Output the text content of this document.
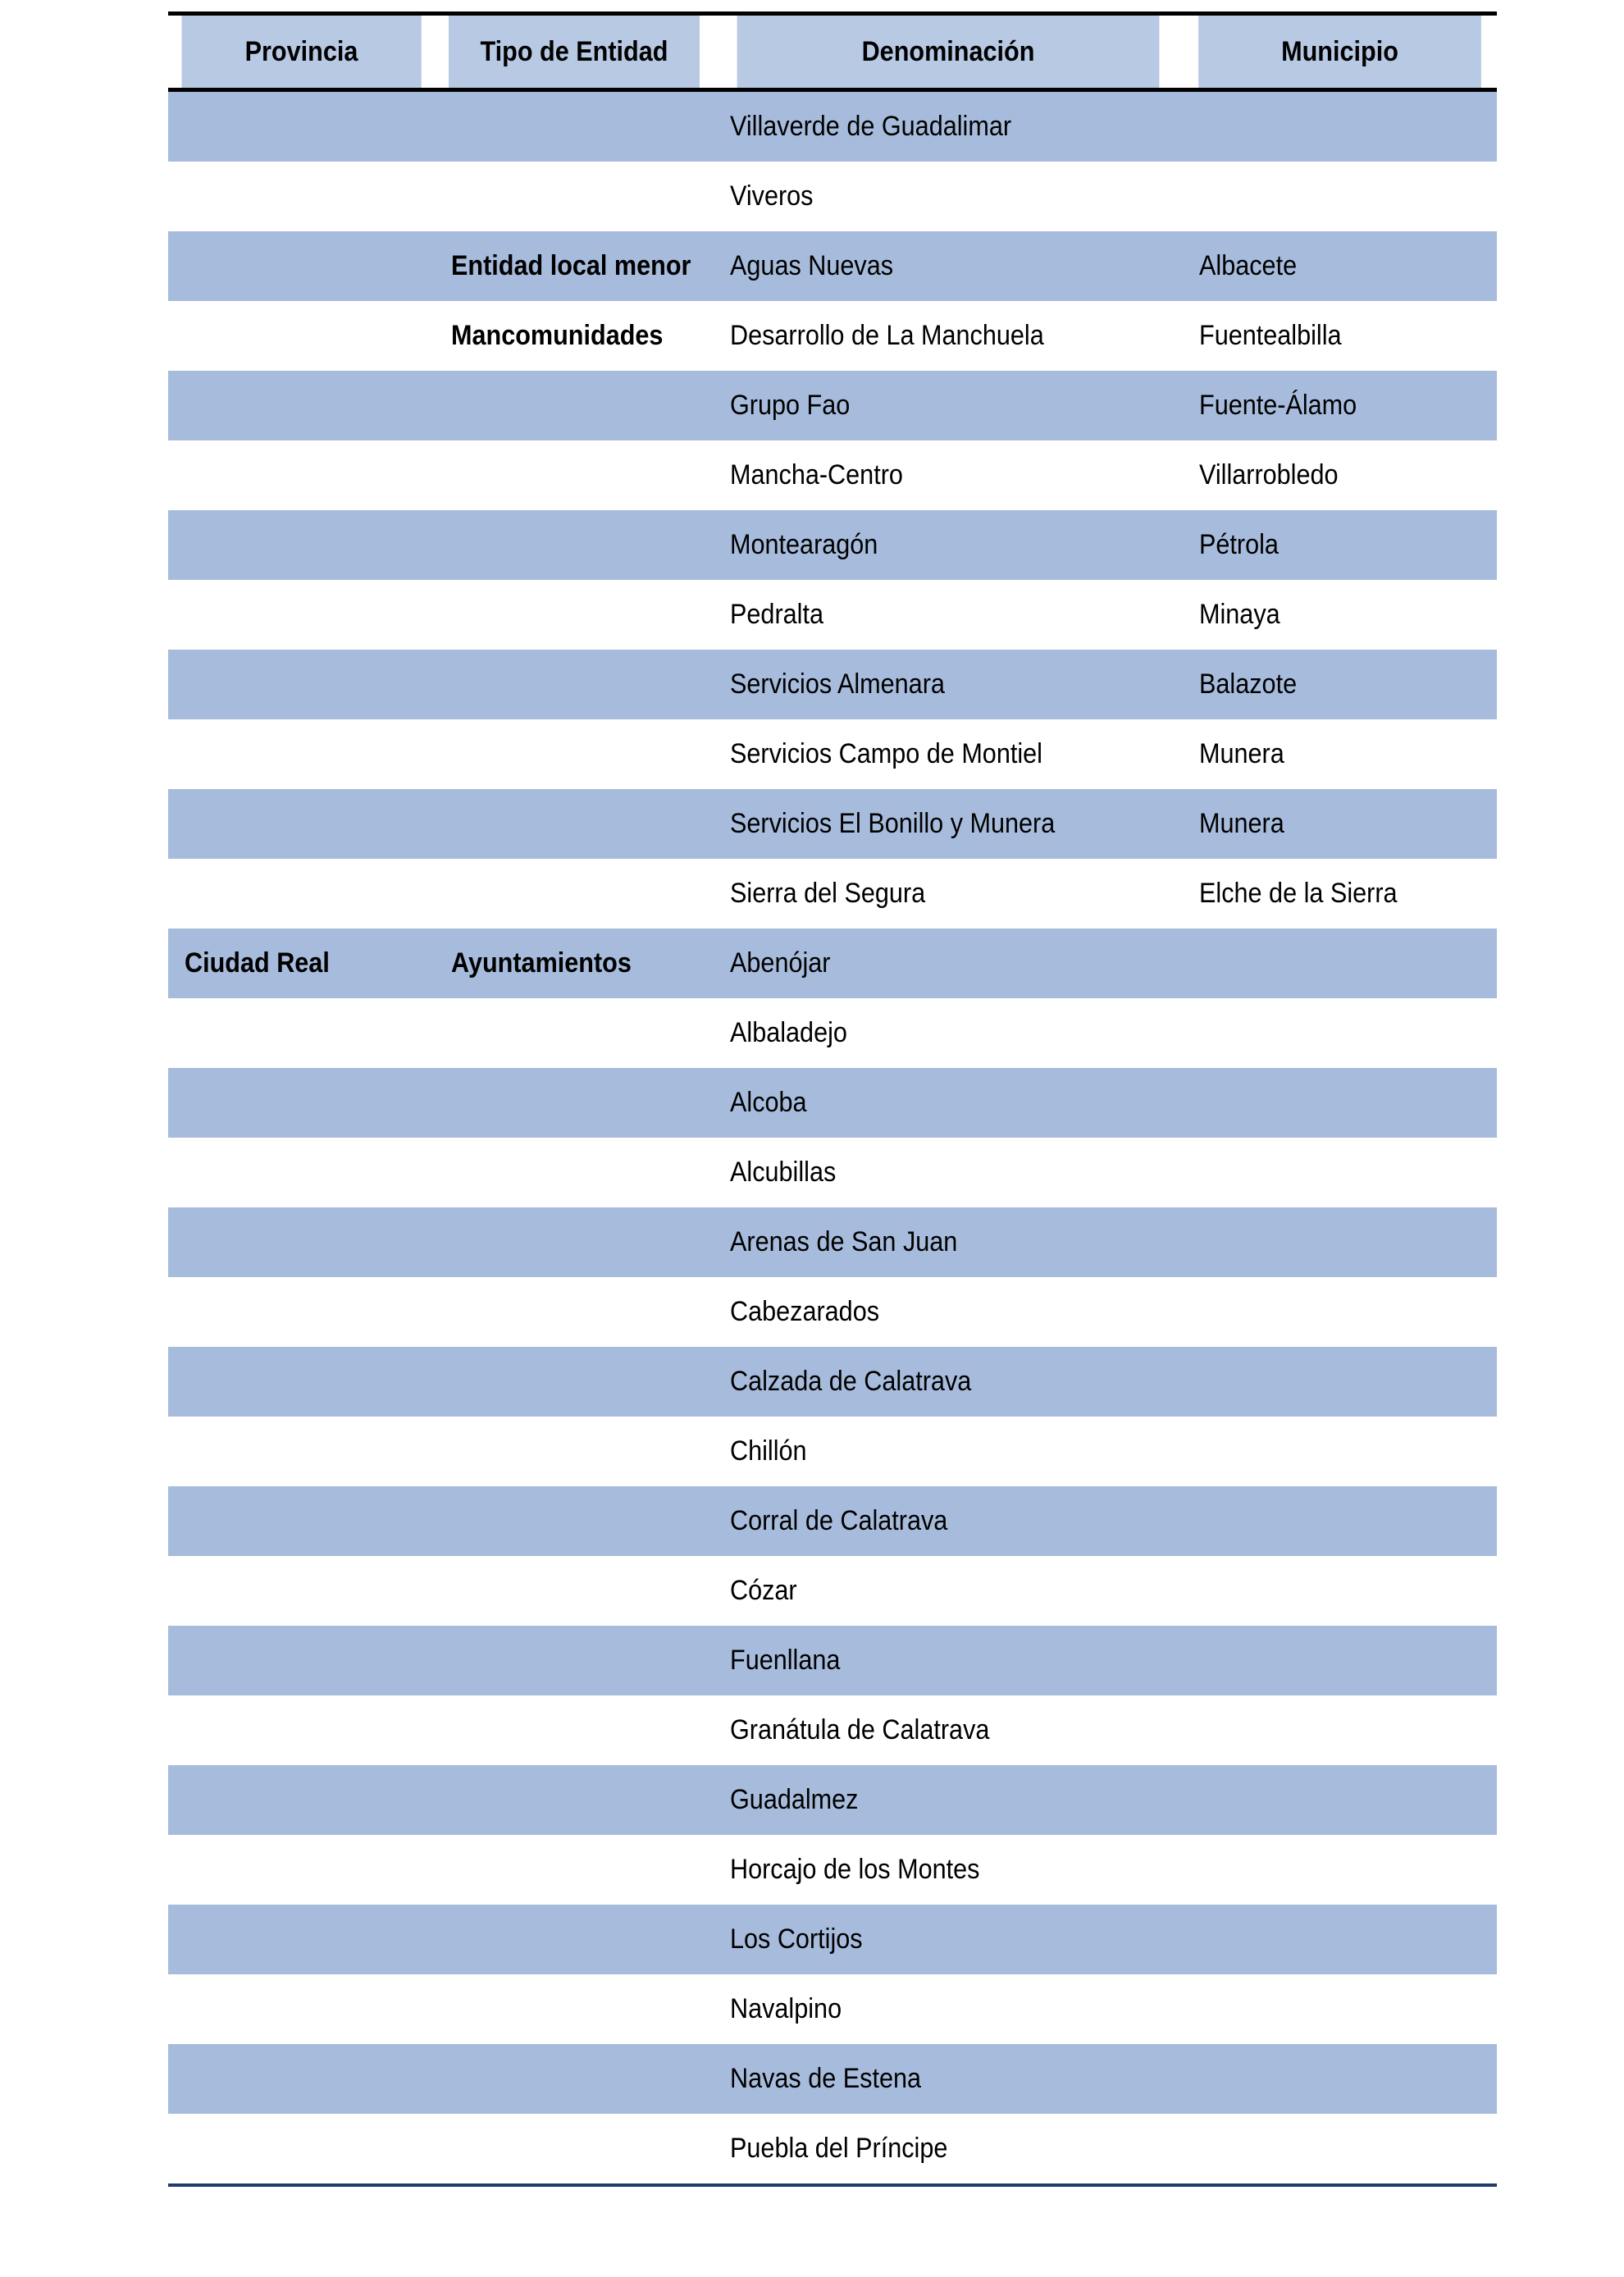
Provincia	Tipo de Entidad	Denominación	Municipio
		Villaverde de Guadalimar	
		Viveros	
	Entidad local menor	Aguas Nuevas	Albacete
	Mancomunidades	Desarrollo de La Manchuela	Fuentealbilla
		Grupo Fao	Fuente-Álamo
		Mancha-Centro	Villarrobledo
		Montearagón	Pétrola
		Pedralta	Minaya
		Servicios Almenara	Balazote
		Servicios Campo de Montiel	Munera
		Servicios El Bonillo y Munera	Munera
		Sierra del Segura	Elche de la Sierra
Ciudad Real	Ayuntamientos	Abenójar	
		Albaladejo	
		Alcoba	
		Alcubillas	
		Arenas de San Juan	
		Cabezarados	
		Calzada de Calatrava	
		Chillón	
		Corral de Calatrava	
		Cózar	
		Fuenllana	
		Granátula de Calatrava	
		Guadalmez	
		Horcajo de los Montes	
		Los Cortijos	
		Navalpino	
		Navas de Estena	
		Puebla del Príncipe	
